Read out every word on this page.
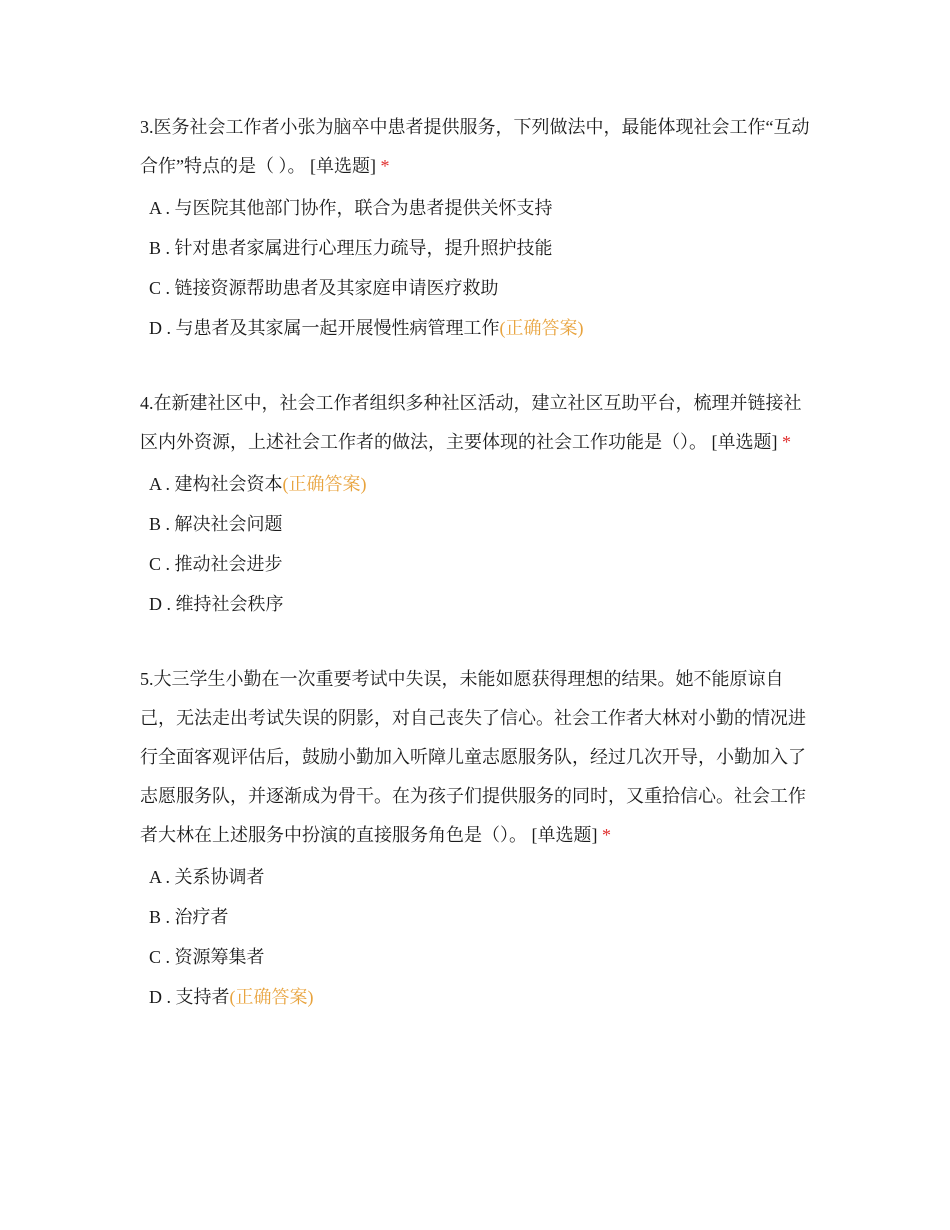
3.医务社会工作者小张为脑卒中患者提供服务，下列做法中，最能体现社会工作“互动合作”特点的是（ ）。 [单选题] *

A . 与医院其他部门协作，联合为患者提供关怀支持
B . 针对患者家属进行心理压力疏导，提升照护技能
C . 链接资源帮助患者及其家庭申请医疗救助
D . 与患者及其家属一起开展慢性病管理工作(正确答案)

4.在新建社区中，社会工作者组织多种社区活动，建立社区互助平台，梳理并链接社区内外资源，上述社会工作者的做法，主要体现的社会工作功能是（）。 [单选题] *

A . 建构社会资本(正确答案)
B . 解决社会问题
C . 推动社会进步
D . 维持社会秩序

5.大三学生小勤在一次重要考试中失误，未能如愿获得理想的结果。她不能原谅自己，无法走出考试失误的阴影，对自己丧失了信心。社会工作者大林对小勤的情况进行全面客观评估后，鼓励小勤加入听障儿童志愿服务队，经过几次开导，小勤加入了志愿服务队，并逐渐成为骨干。在为孩子们提供服务的同时，又重拾信心。社会工作者大林在上述服务中扮演的直接服务角色是（）。 [单选题] *

A . 关系协调者
B . 治疗者
C . 资源筹集者
D . 支持者(正确答案)
